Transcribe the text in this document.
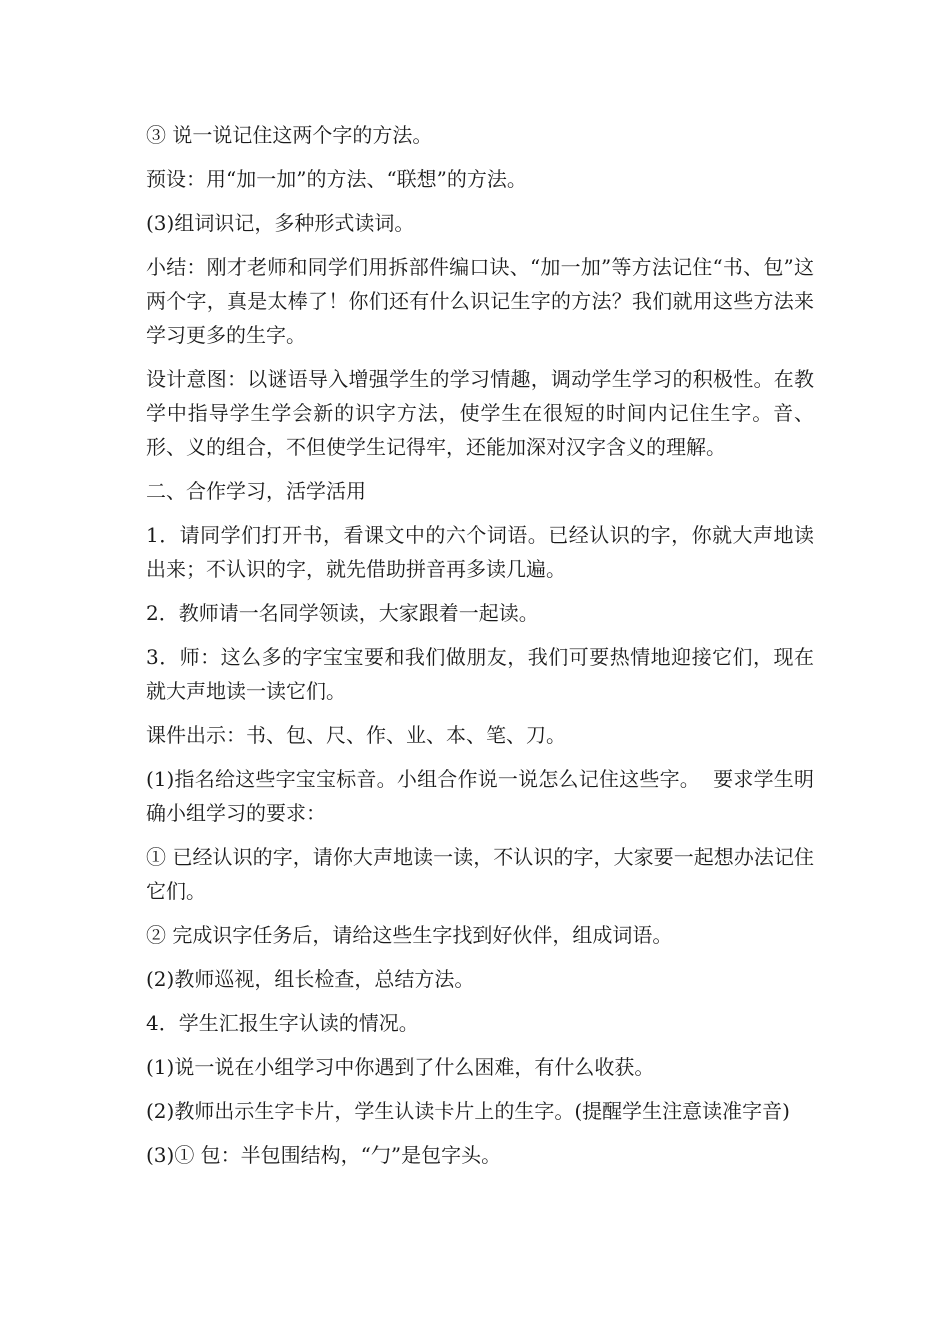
③ 说一说记住这两个字的方法。

预设：用“加一加”的方法、“联想”的方法。

(3)组词识记，多种形式读词。

小结：刚才老师和同学们用拆部件编口诀、“加一加”等方法记住“书、包”这两个字，真是太棒了！你们还有什么识记生字的方法？我们就用这些方法来学习更多的生字。

设计意图：以谜语导入增强学生的学习情趣，调动学生学习的积极性。在教学中指导学生学会新的识字方法，使学生在很短的时间内记住生字。音、形、义的组合，不但使学生记得牢，还能加深对汉字含义的理解。

二、合作学习，活学活用

1．请同学们打开书，看课文中的六个词语。已经认识的字，你就大声地读出来；不认识的字，就先借助拼音再多读几遍。

2．教师请一名同学领读，大家跟着一起读。

3．师：这么多的字宝宝要和我们做朋友，我们可要热情地迎接它们，现在就大声地读一读它们。

课件出示：书、包、尺、作、业、本、笔、刀。

(1)指名给这些字宝宝标音。小组合作说一说怎么记住这些字。  要求学生明确小组学习的要求：

① 已经认识的字，请你大声地读一读，不认识的字，大家要一起想办法记住它们。

② 完成识字任务后，请给这些生字找到好伙伴，组成词语。

(2)教师巡视，组长检查，总结方法。

4．学生汇报生字认读的情况。

(1)说一说在小组学习中你遇到了什么困难，有什么收获。

(2)教师出示生字卡片，学生认读卡片上的生字。(提醒学生注意读准字音)

(3)① 包：半包围结构，“勹”是包字头。
